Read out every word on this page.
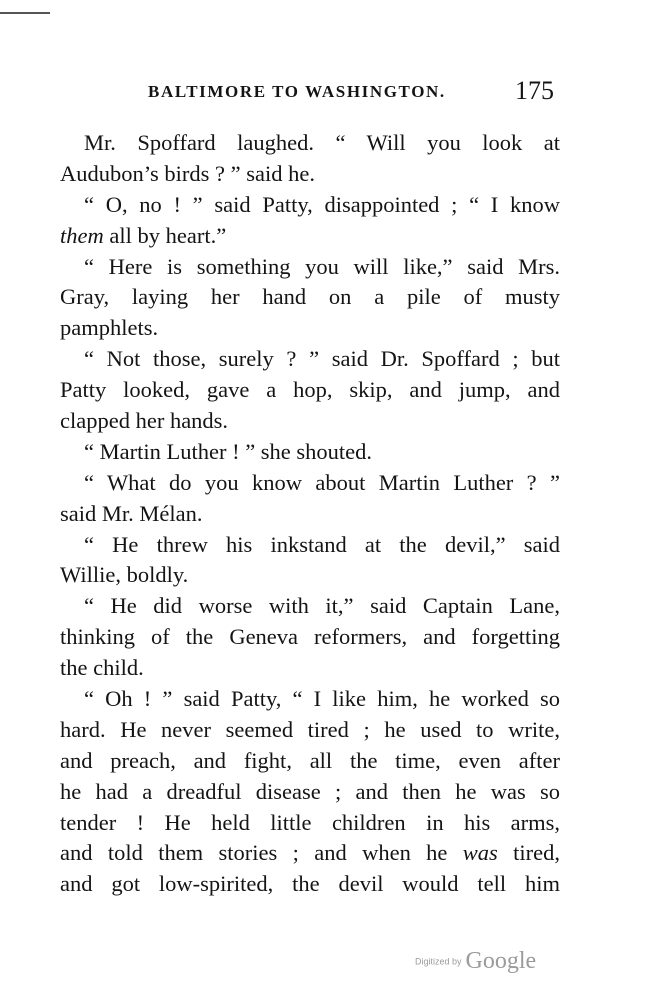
BALTIMORE TO WASHINGTON.	175
Mr. Spoffard laughed. “ Will you look at
Audubon’s birds ? ” said he.
“ O, no ! ” said Patty, disappointed ; “ I know
them all by heart.”
“ Here is something you will like,” said Mrs.
Gray, laying her hand on a pile of musty
pamphlets.
“ Not those, surely ? ” said Dr. Spoffard ; but
Patty looked, gave a hop, skip, and jump, and
clapped her hands.
“ Martin Luther ! ” she shouted.
“ What do you know about Martin Luther ? ”
said Mr. Mélan.
“ He threw his inkstand at the devil,” said
Willie, boldly.
“ He did worse with it,” said Captain Lane,
thinking of the Geneva reformers, and forgetting
the child.
“ Oh ! ” said Patty, “ I like him, he worked so
hard. He never seemed tired ; he used to write,
and preach, and fight, all the time, even after
he had a dreadful disease ; and then he was so
tender ! He held little children in his arms,
and told them stories ; and when he was tired,
and got low-spirited, the devil would tell him
Digitized by Google
